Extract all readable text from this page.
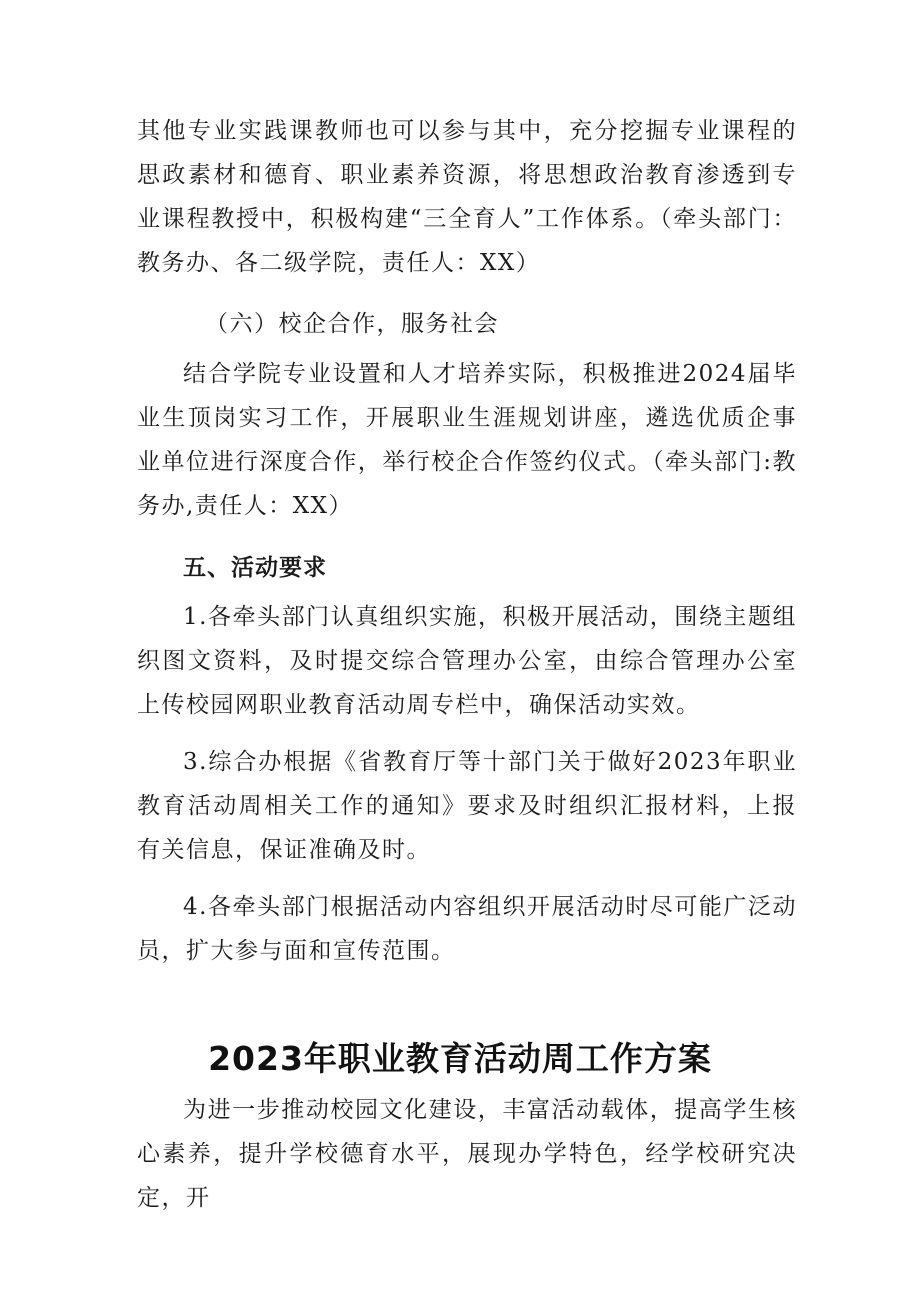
其他专业实践课教师也可以参与其中，充分挖掘专业课程的思政素材和德育、职业素养资源，将思想政治教育渗透到专业课程教授中，积极构建“三全育人”工作体系。（牵头部门：教务办、各二级学院，责任人：XX）

（六）校企合作，服务社会

结合学院专业设置和人才培养实际，积极推进2024届毕业生顶岗实习工作，开展职业生涯规划讲座，遴选优质企事业单位进行深度合作，举行校企合作签约仪式。（牵头部门:教务办,责任人：XX）

五、活动要求

1.各牵头部门认真组织实施，积极开展活动，围绕主题组织图文资料，及时提交综合管理办公室，由综合管理办公室上传校园网职业教育活动周专栏中，确保活动实效。

3.综合办根据《省教育厅等十部门关于做好2023年职业教育活动周相关工作的通知》要求及时组织汇报材料，上报有关信息，保证准确及时。

4.各牵头部门根据活动内容组织开展活动时尽可能广泛动员，扩大参与面和宣传范围。

2023年职业教育活动周工作方案

为进一步推动校园文化建设，丰富活动载体，提高学生核心素养，提升学校德育水平，展现办学特色，经学校研究决定，开
